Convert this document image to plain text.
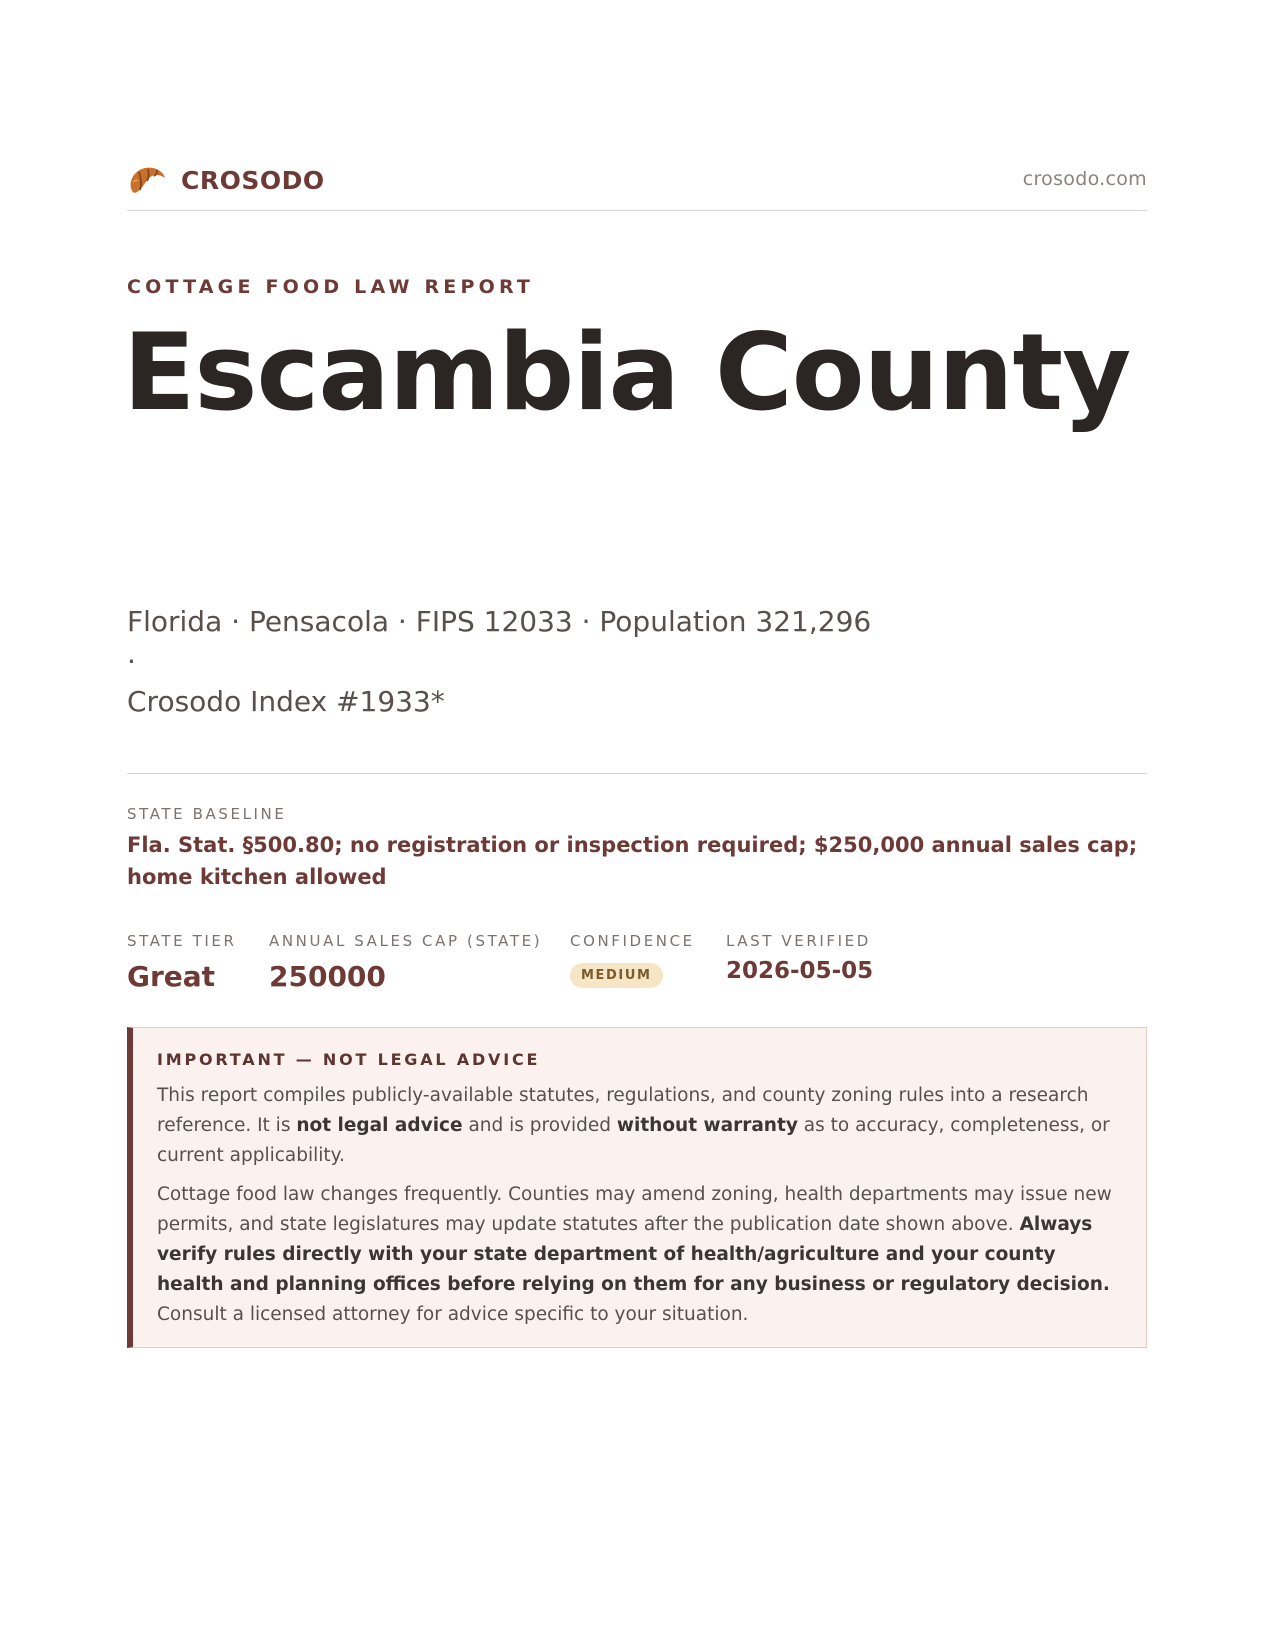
CROSODO	crosodo.com
COTTAGE FOOD LAW REPORT
Escambia County
Florida · Pensacola · FIPS 12033 · Population 321,296 ·
Crosodo Index #1933*
STATE BASELINE
Fla. Stat. §500.80; no registration or inspection required; $250,000 annual sales cap; home kitchen allowed
STATE TIER
Great
ANNUAL SALES CAP (STATE)
250000
CONFIDENCE
MEDIUM
LAST VERIFIED
2026-05-05
IMPORTANT — NOT LEGAL ADVICE

This report compiles publicly-available statutes, regulations, and county zoning rules into a research reference. It is not legal advice and is provided without warranty as to accuracy, completeness, or current applicability.

Cottage food law changes frequently. Counties may amend zoning, health departments may issue new permits, and state legislatures may update statutes after the publication date shown above. Always verify rules directly with your state department of health/agriculture and your county health and planning offices before relying on them for any business or regulatory decision. Consult a licensed attorney for advice specific to your situation.
